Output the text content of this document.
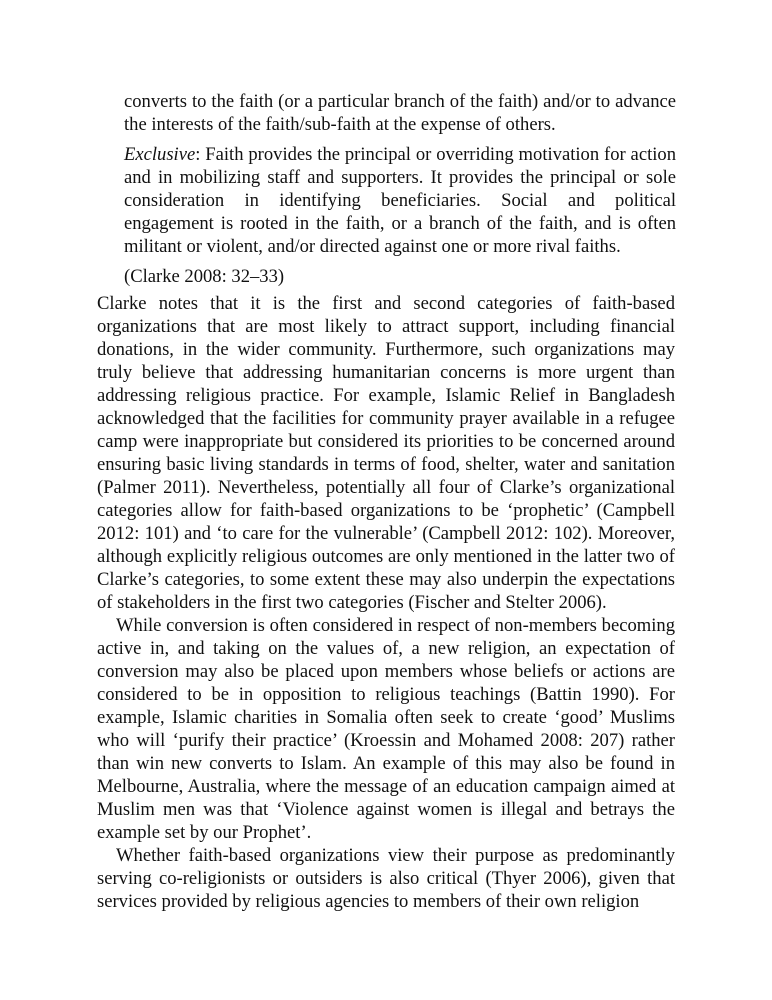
converts to the faith (or a particular branch of the faith) and/or to advance the interests of the faith/sub-faith at the expense of others.

Exclusive: Faith provides the principal or overriding motivation for action and in mobilizing staff and supporters. It provides the principal or sole consideration in identifying beneficiaries. Social and political engagement is rooted in the faith, or a branch of the faith, and is often militant or violent, and/or directed against one or more rival faiths.

(Clarke 2008: 32–33)

Clarke notes that it is the first and second categories of faith-based organizations that are most likely to attract support, including financial donations, in the wider community. Furthermore, such organizations may truly believe that addressing humanitarian concerns is more urgent than addressing religious practice. For example, Islamic Relief in Bangladesh acknowledged that the facilities for community prayer available in a refugee camp were inappropriate but considered its priorities to be concerned around ensuring basic living standards in terms of food, shelter, water and sanitation (Palmer 2011). Nevertheless, potentially all four of Clarke’s organizational categories allow for faith-based organizations to be ‘prophetic’ (Campbell 2012: 101) and ‘to care for the vulnerable’ (Campbell 2012: 102). Moreover, although explicitly religious outcomes are only mentioned in the latter two of Clarke’s categories, to some extent these may also underpin the expectations of stakeholders in the first two categories (Fischer and Stelter 2006).

While conversion is often considered in respect of non-members becoming active in, and taking on the values of, a new religion, an expectation of conversion may also be placed upon members whose beliefs or actions are considered to be in opposition to religious teachings (Battin 1990). For example, Islamic charities in Somalia often seek to create ‘good’ Muslims who will ‘purify their practice’ (Kroessin and Mohamed 2008: 207) rather than win new converts to Islam. An example of this may also be found in Melbourne, Australia, where the message of an education campaign aimed at Muslim men was that ‘Violence against women is illegal and betrays the example set by our Prophet’.

Whether faith-based organizations view their purpose as predominantly serving co-religionists or outsiders is also critical (Thyer 2006), given that services provided by religious agencies to members of their own religion
